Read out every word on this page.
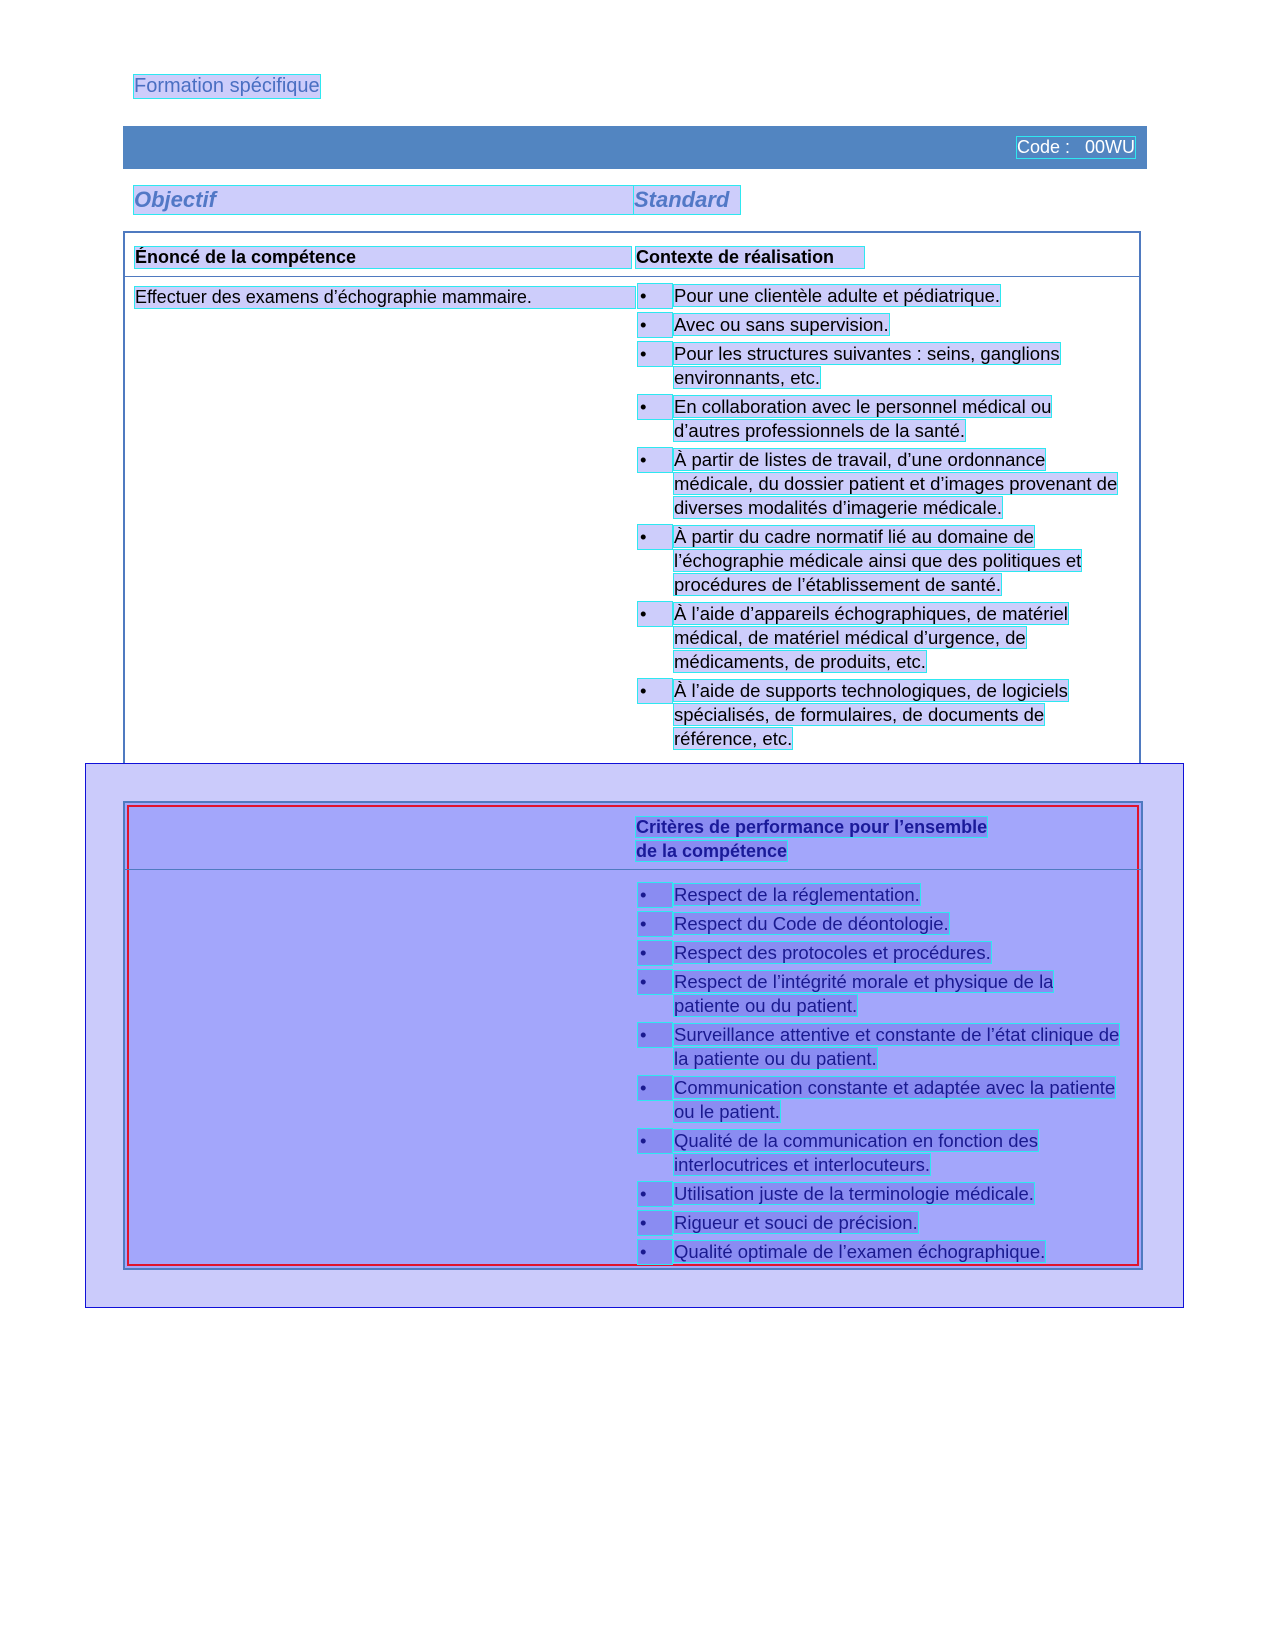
Formation spécifique
Code :   00WU
Objectif	Standard
Énoncé de la compétence	Contexte de réalisation
Effectuer des examens d’échographie mammaire.	•	Pour une clientèle adulte et pédiatrique.
•	Avec ou sans supervision.
•	Pour les structures suivantes : seins, ganglions environnants, etc.
•	En collaboration avec le personnel médical ou d’autres professionnels de la santé.
•	À partir de listes de travail, d’une ordonnance médicale, du dossier patient et d’images provenant de diverses modalités d’imagerie médicale.
•	À partir du cadre normatif lié au domaine de l’échographie médicale ainsi que des politiques et procédures de l’établissement de santé.
•	À l’aide d’appareils échographiques, de matériel médical, de matériel médical d’urgence, de médicaments, de produits, etc.
•	À l’aide de supports technologiques, de logiciels spécialisés, de formulaires, de documents de référence, etc.
Critères de performance pour l’ensemble
de la compétence
•	Respect de la réglementation.
•	Respect du Code de déontologie.
•	Respect des protocoles et procédures.
•	Respect de l’intégrité morale et physique de la patiente ou du patient.
•	Surveillance attentive et constante de l’état clinique de la patiente ou du patient.
•	Communication constante et adaptée avec la patiente ou le patient.
•	Qualité de la communication en fonction des interlocutrices et interlocuteurs.
•	Utilisation juste de la terminologie médicale.
•	Rigueur et souci de précision.
•	Qualité optimale de l’examen échographique.
